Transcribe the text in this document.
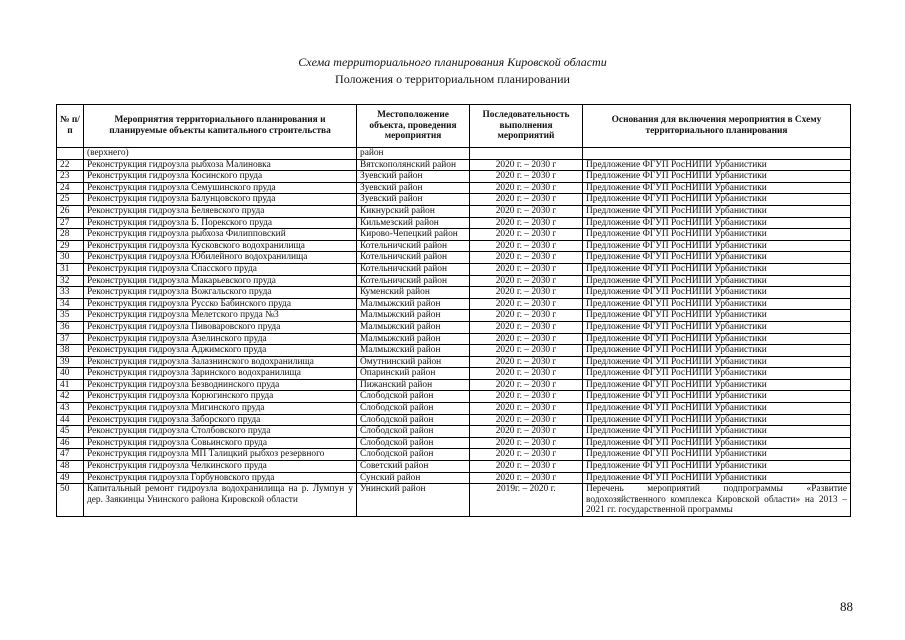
Схема территориального планирования Кировской области
Положения о территориальном планировании
№ п/п	Мероприятия территориального планирования и планируемые объекты капитального строительства	Местоположение объекта, проведения мероприятия	Последовательность выполнения мероприятий	Основания для включения мероприятия в Схему территориального планирования
	(верхнего)	район		
22	Реконструкция гидроузла рыбхоза Малиновка	Вятскополянский район	2020 г. – 2030 г	Предложение ФГУП РосНИПИ Урбанистики
23	Реконструкция гидроузла Косинского пруда	Зуевский район	2020 г. – 2030 г	Предложение ФГУП РосНИПИ Урбанистики
24	Реконструкция гидроузла Семушинского пруда	Зуевский район	2020 г. – 2030 г	Предложение ФГУП РосНИПИ Урбанистики
25	Реконструкция гидроузла Балунцовского пруда	Зуевский район	2020 г. – 2030 г	Предложение ФГУП РосНИПИ Урбанистики
26	Реконструкция гидроузла Беляевского пруда	Кикнурский район	2020 г. – 2030 г	Предложение ФГУП РосНИПИ Урбанистики
27	Реконструкция гидроузла Б. Порекского пруда	Кильмезский район	2020 г. – 2030 г	Предложение ФГУП РосНИПИ Урбанистики
28	Реконструкция гидроузла рыбхоза Филипповский	Кирово-Чепецкий район	2020 г. – 2030 г	Предложение ФГУП РосНИПИ Урбанистики
29	Реконструкция гидроузла Кусковского водохранилища	Котельничский район	2020 г. – 2030 г	Предложение ФГУП РосНИПИ Урбанистики
30	Реконструкция гидроузла Юбилейного водохранилища	Котельничский район	2020 г. – 2030 г	Предложение ФГУП РосНИПИ Урбанистики
31	Реконструкция гидроузла Спасского пруда	Котельничский район	2020 г. – 2030 г	Предложение ФГУП РосНИПИ Урбанистики
32	Реконструкция гидроузла Макарьевского пруда	Котельничский район	2020 г. – 2030 г	Предложение ФГУП РосНИПИ Урбанистики
33	Реконструкция гидроузла Вожгальского пруда	Куменский район	2020 г. – 2030 г	Предложение ФГУП РосНИПИ Урбанистики
34	Реконструкция гидроузла Русско Бабинского пруда	Малмыжский район	2020 г. – 2030 г	Предложение ФГУП РосНИПИ Урбанистики
35	Реконструкция гидроузла Мелетского пруда №3	Малмыжский район	2020 г. – 2030 г	Предложение ФГУП РосНИПИ Урбанистики
36	Реконструкция гидроузла Пивоваровского пруда	Малмыжский район	2020 г. – 2030 г	Предложение ФГУП РосНИПИ Урбанистики
37	Реконструкция гидроузла Азелинского пруда	Малмыжский район	2020 г. – 2030 г	Предложение ФГУП РосНИПИ Урбанистики
38	Реконструкция гидроузла Аджимского пруда	Малмыжский район	2020 г. – 2030 г	Предложение ФГУП РосНИПИ Урбанистики
39	Реконструкция гидроузла Залазнинского водохранилища	Омутнинский район	2020 г. – 2030 г	Предложение ФГУП РосНИПИ Урбанистики
40	Реконструкция гидроузла Заринского водохранилища	Опаринский район	2020 г. – 2030 г	Предложение ФГУП РосНИПИ Урбанистики
41	Реконструкция гидроузла Безводнинского пруда	Пижанский район	2020 г. – 2030 г	Предложение ФГУП РосНИПИ Урбанистики
42	Реконструкция гидроузла Корюгинского пруда	Слободской район	2020 г. – 2030 г	Предложение ФГУП РосНИПИ Урбанистики
43	Реконструкция гидроузла Мигинского пруда	Слободской район	2020 г. – 2030 г	Предложение ФГУП РосНИПИ Урбанистики
44	Реконструкция гидроузла Заборского пруда	Слободской район	2020 г. – 2030 г	Предложение ФГУП РосНИПИ Урбанистики
45	Реконструкция гидроузла Столбовского пруда	Слободской район	2020 г. – 2030 г	Предложение ФГУП РосНИПИ Урбанистики
46	Реконструкция гидроузла Совьинского пруда	Слободской район	2020 г. – 2030 г	Предложение ФГУП РосНИПИ Урбанистики
47	Реконструкция гидроузла МП Талицкий рыбхоз резервного	Слободской район	2020 г. – 2030 г	Предложение ФГУП РосНИПИ Урбанистики
48	Реконструкция гидроузла Челкинского пруда	Советский район	2020 г. – 2030 г	Предложение ФГУП РосНИПИ Урбанистики
49	Реконструкция гидроузла Горбуновского пруда	Сунский район	2020 г. – 2030 г	Предложение ФГУП РосНИПИ Урбанистики
50	Капитальный ремонт гидроузла водохранилища на р. Лумпун у дер. Заякинцы Унинского района Кировской области	Унинский район	2019г. – 2020 г.	Перечень мероприятий подпрограммы «Развитие водохозяйственного комплекса Кировской области» на 2013 – 2021 гг. государственной программы
88
